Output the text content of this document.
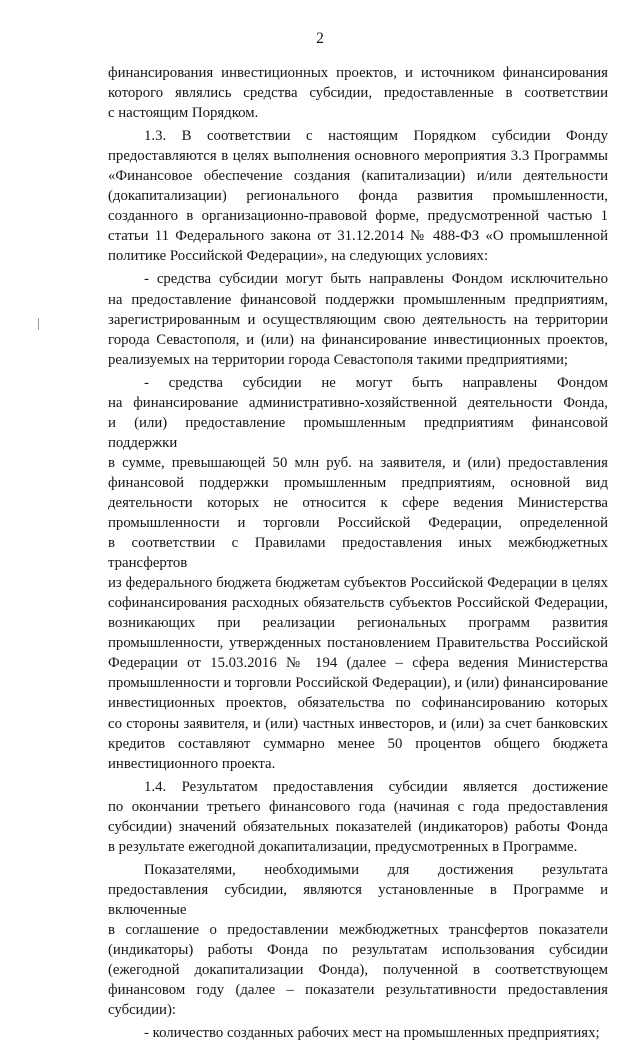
2

финансирования инвестиционных проектов, и источником финансирования

которого являлись средства субсидии, предоставленные в соответствии

с настоящим Порядком.

1.3. В соответствии с настоящим Порядком субсидии Фонду

предоставляются в целях выполнения основного мероприятия 3.3 Программы

«Финансовое обеспечение создания (капитализации) и/или деятельности

(докапитализации) регионального фонда развития промышленности,

созданного в организационно-правовой форме, предусмотренной частью 1

статьи 11 Федерального закона от 31.12.2014 № 488-ФЗ «О промышленной

политике Российской Федерации», на следующих условиях:

- средства субсидии могут быть направлены Фондом исключительно

на предоставление финансовой поддержки промышленным предприятиям,

зарегистрированным и осуществляющим свою деятельность на территории

города Севастополя, и (или) на финансирование инвестиционных проектов,

реализуемых на территории города Севастополя такими предприятиями;

- средства субсидии не могут быть направлены Фондом

на финансирование административно-хозяйственной деятельности Фонда,

и (или) предоставление промышленным предприятиям финансовой поддержки

в сумме, превышающей 50 млн руб. на заявителя, и (или) предоставления

финансовой поддержки промышленным предприятиям, основной вид

деятельности которых не относится к сфере ведения Министерства

промышленности и торговли Российской Федерации, определенной

в соответствии с Правилами предоставления иных межбюджетных трансфертов

из федерального бюджета бюджетам субъектов Российской Федерации в целях

софинансирования расходных обязательств субъектов Российской Федерации,

возникающих при реализации региональных программ развития

промышленности, утвержденных постановлением Правительства Российской

Федерации от 15.03.2016 № 194 (далее – сфера ведения Министерства

промышленности и торговли Российской Федерации), и (или) финансирование

инвестиционных проектов, обязательства по софинансированию которых

со стороны заявителя, и (или) частных инвесторов, и (или) за счет банковских

кредитов составляют суммарно менее 50 процентов общего бюджета

инвестиционного проекта.

1.4. Результатом предоставления субсидии является достижение

по окончании третьего финансового года (начиная с года предоставления

субсидии) значений обязательных показателей (индикаторов) работы Фонда

в результате ежегодной докапитализации, предусмотренных в Программе.

Показателями, необходимыми для достижения результата

предоставления субсидии, являются установленные в Программе и включенные

в соглашение о предоставлении межбюджетных трансфертов показатели

(индикаторы) работы Фонда по результатам использования субсидии

(ежегодной докапитализации Фонда), полученной в соответствующем

финансовом году (далее – показатели результативности предоставления

субсидии):

- количество созданных рабочих мест на промышленных предприятиях;
